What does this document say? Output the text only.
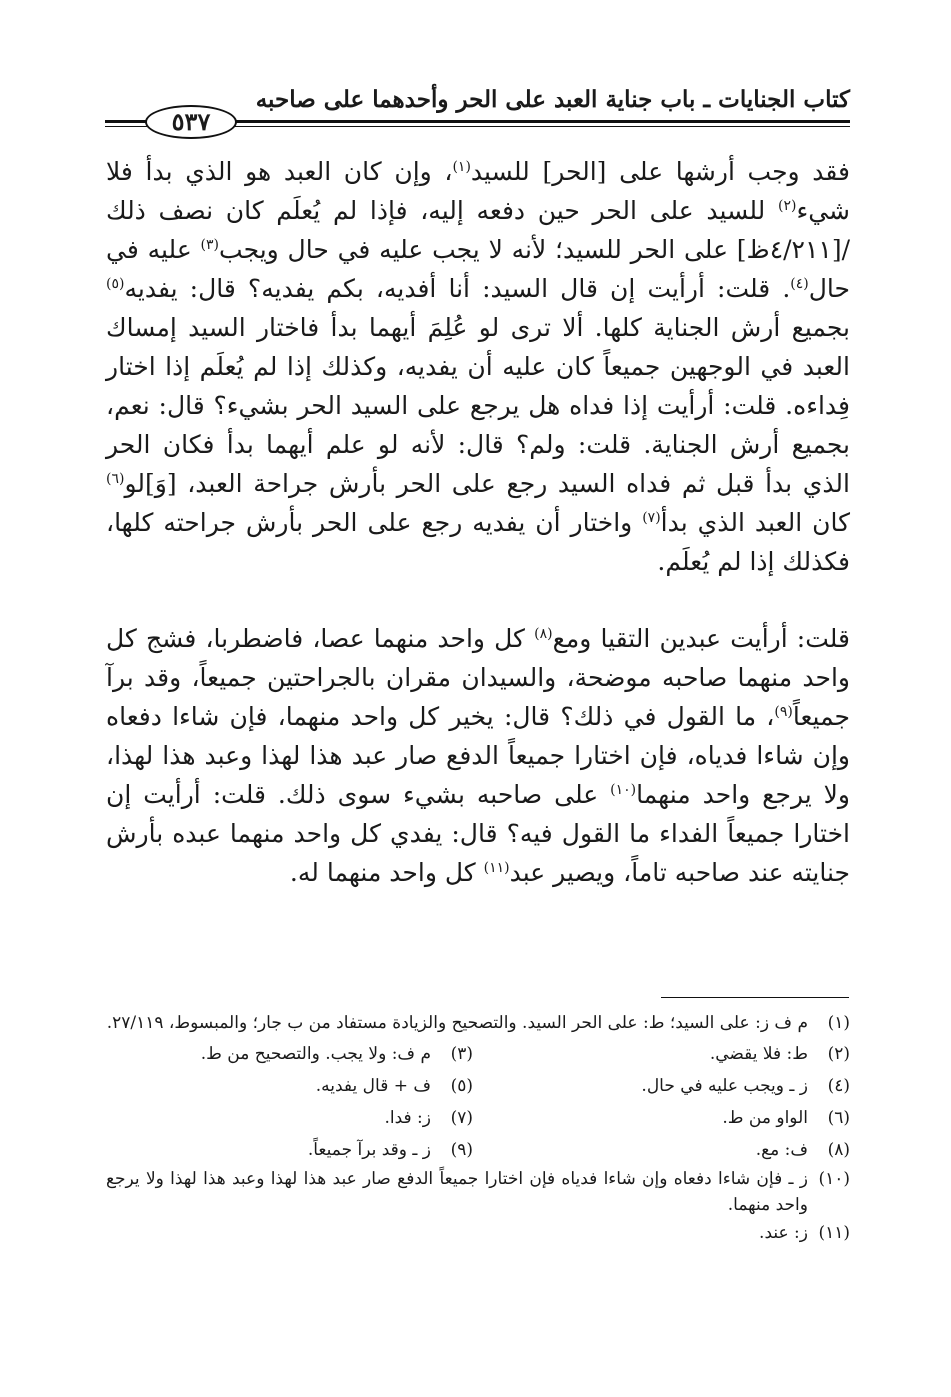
كتاب الجنايات ـ باب جناية العبد على الحر وأحدهما على صاحبه
٥٣٧

فقد وجب أرشها على [الحر] للسيد$^{(١)}$، وإن كان العبد هو الذي بدأ فلا شيء$^{(٢)}$ للسيد على الحر حين دفعه إليه، فإذا لم يُعلَم كان نصف ذلك /[٤/٢١١ظ] على الحر للسيد؛ لأنه لا يجب عليه في حال ويجب$^{(٣)}$ عليه في حال$^{(٤)}$. قلت: أرأيت إن قال السيد: أنا أفديه، بكم يفديه؟ قال: يفديه$^{(٥)}$ بجميع أرش الجناية كلها. ألا ترى لو عُلِمَ أيهما بدأ فاختار السيد إمساك العبد في الوجهين جميعاً كان عليه أن يفديه، وكذلك إذا لم يُعلَم إذا اختار فِداءه. قلت: أرأيت إذا فداه هل يرجع على السيد الحر بشيء؟ قال: نعم، بجميع أرش الجناية. قلت: ولم؟ قال: لأنه لو علم أيهما بدأ فكان الحر الذي بدأ قبل ثم فداه السيد رجع على الحر بأرش جراحة العبد، [وَ]لو$^{(٦)}$ كان العبد الذي بدأ$^{(٧)}$ واختار أن يفديه رجع على الحر بأرش جراحته كلها، فكذلك إذا لم يُعلَم.

قلت: أرأيت عبدين التقيا ومع$^{(٨)}$ كل واحد منهما عصا، فاضطربا، فشج كل واحد منهما صاحبه موضحة، والسيدان مقران بالجراحتين جميعاً، وقد برآ جميعاً$^{(٩)}$، ما القول في ذلك؟ قال: يخير كل واحد منهما، فإن شاءا دفعاه وإن شاءا فدياه، فإن اختارا جميعاً الدفع صار عبد هذا لهذا وعبد هذا لهذا، ولا يرجع واحد منهما$^{(١٠)}$ على صاحبه بشيء سوى ذلك. قلت: أرأيت إن اختارا جميعاً الفداء ما القول فيه؟ قال: يفدي كل واحد منهما عبده بأرش جنايته عند صاحبه تاماً، ويصير عبد$^{(١١)}$ كل واحد منهما له.

(١)
م ف ز: على السيد؛ ط: على الحر السيد. والتصحيح والزيادة مستفاد من ب جار؛ والمبسوط، ٢٧/١١٩.
(٢)
ط: فلا يقضي.
(٣)
م ف: ولا يجب. والتصحيح من ط.
(٤)
ز ـ ويجب عليه في حال.
(٥)
ف + قال يفديه.
(٦)
الواو من ط.
(٧)
ز: فدا.
(٨)
ف: مع.
(٩)
ز ـ وقد برآ جميعاً.
(١٠)
ز ـ فإن شاءا دفعاه وإن شاءا فدياه فإن اختارا جميعاً الدفع صار عبد هذا لهذا وعبد هذا لهذا ولا يرجع واحد منهما.
(١١)
ز: عند.
